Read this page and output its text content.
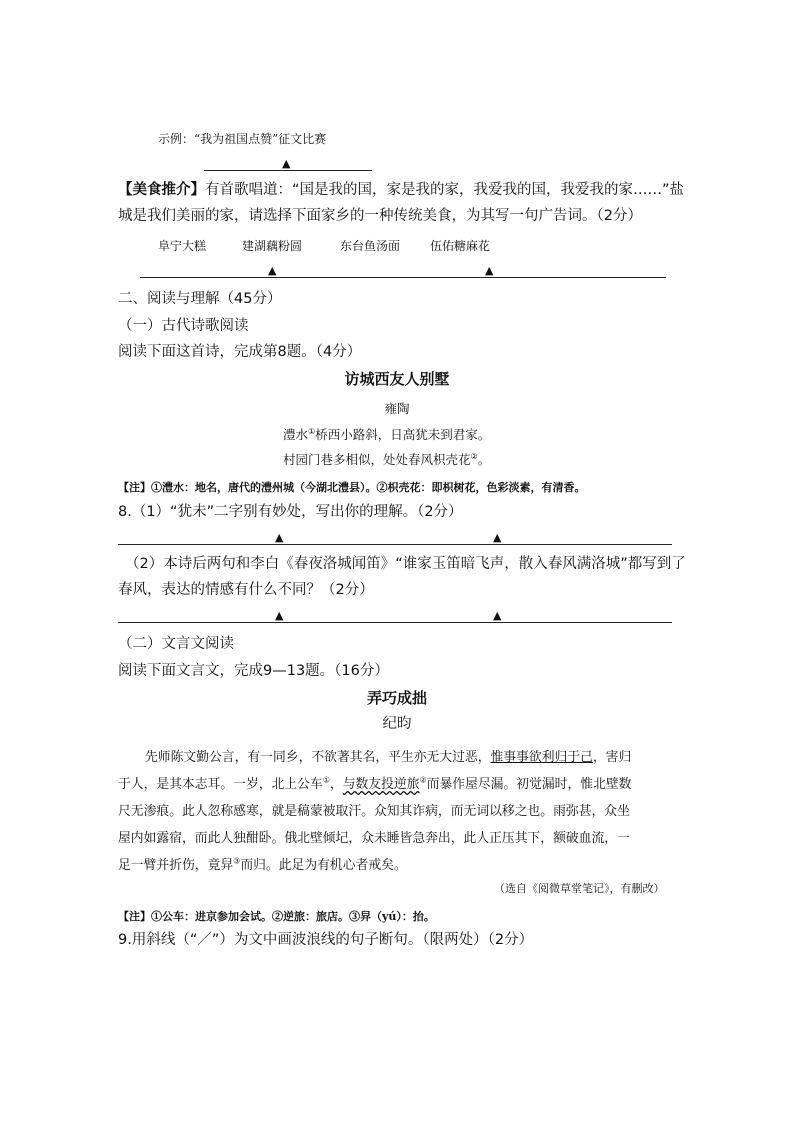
示例：“我为祖国点赞”征文比赛
▲
【美食推介】有首歌唱道：“国是我的国，家是我的家，我爱我的国，我爱我的家……”盐
城是我们美丽的家，请选择下面家乡的一种传统美食，为其写一句广告词。（2分）
阜宁大糕	建湖藕粉圆	东台鱼汤面 伍佑糖麻花
▲	▲
二、阅读与理解（45分）
（一）古代诗歌阅读
阅读下面这首诗，完成第8题。（4分）
访城西友人别墅
雍陶
澧水①桥西小路斜，日高犹未到君家。
村园门巷多相似，处处春风枳壳花②。
【注】①澧水：地名，唐代的澧州城（今湖北澧县）。②枳壳花：即枳树花，色彩淡素，有清香。
8.（1）“犹未”二字别有妙处，写出你的理解。（2分）
▲	▲
（2）本诗后两句和李白《春夜洛城闻笛》“谁家玉笛暗飞声，散入春风满洛城”都写到了
春风，表达的情感有什么不同？（2分）
▲	▲
（二）文言文阅读
阅读下面文言文，完成9—13题。（16分）
弄巧成拙
纪昀
先师陈文勤公言，有一同乡，不欲著其名，平生亦无大过恶，惟事事欲利归于己，害归
于人，是其本志耳。一岁，北上公车①，与数友投逆旅②而暴作屋尽漏。初觉漏时，惟北壁数
尺无渗痕。此人忽称感寒，就是稿蒙被取汗。众知其诈病，而无词以移之也。雨弥甚，众坐
屋内如露宿，而此人独酣卧。俄北壁倾圮，众未睡皆急奔出，此人正压其下，额破血流，一
足一臂并折伤，竟舁③而归。此足为有机心者戒矣。
（选自《阅微草堂笔记》，有删改）
【注】①公车：进京参加会试。②逆旅：旅店。③舁（yú）：抬。
9.用斜线（“／”）为文中画波浪线的句子断句。（限两处）（2分）
